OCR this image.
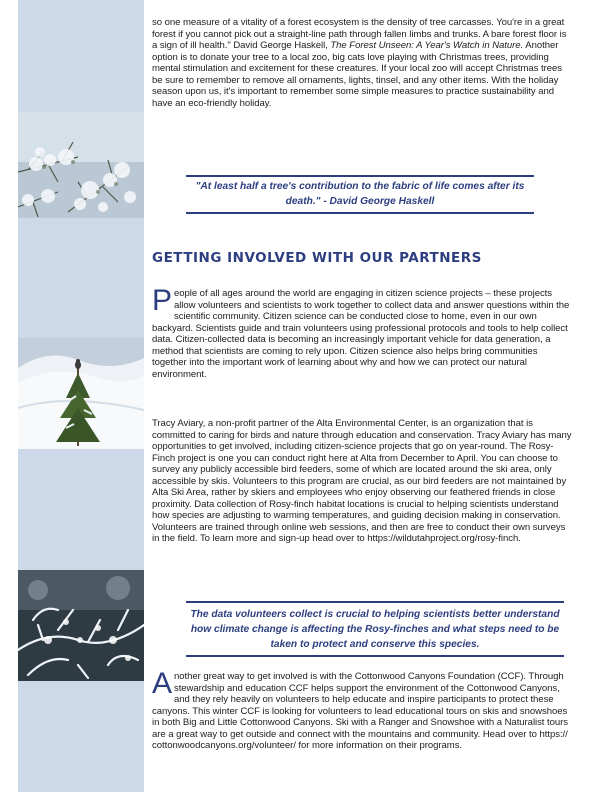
so one measure of a vitality of a forest ecosystem is the density of tree carcasses. You're in a great forest if you cannot pick out a straight-line path through fallen limbs and trunks. A bare forest floor is a sign of ill health." David George Haskell, The Forest Unseen: A Year's Watch in Nature. Another option is to donate your tree to a local zoo, big cats love playing with Christmas trees, providing mental stimulation and excitement for these creatures. If your local zoo will accept Christmas trees be sure to remember to remove all ornaments, lights, tinsel, and any other items. With the holiday season upon us, it's important to remember some simple measures to practice sustainability and have an eco-friendly holiday.

"At least half a tree's contribution to the fabric of life comes after its death." - David George Haskell

GETTING INVOLVED WITH OUR PARTNERS

People of all ages around the world are engaging in citizen science projects – these projects allow volunteers and scientists to work together to collect data and answer questions within the scientific community. Citizen science can be conducted close to home, even in our own backyard. Scientists guide and train volunteers using professional protocols and tools to help collect data. Citizen-collected data is becoming an increasingly important vehicle for data generation, a method that scientists are coming to rely upon. Citizen science also helps bring communities together into the important work of learning about why and how we can protect our natural environment.

Tracy Aviary, a non-profit partner of the Alta Environmental Center, is an organization that is committed to caring for birds and nature through education and conservation. Tracy Aviary has many opportunities to get involved, including citizen-science projects that go on year-round. The Rosy-Finch project is one you can conduct right here at Alta from December to April. You can choose to survey any publicly accessible bird feeders, some of which are located around the ski area, only accessible by skis. Volunteers to this program are crucial, as our bird feeders are not maintained by Alta Ski Area, rather by skiers and employees who enjoy observing our feathered friends in close proximity. Data collection of Rosy-finch habitat locations is crucial to helping scientists understand how species are adjusting to warming temperatures, and guiding decision making in conservation. Volunteers are trained through online web sessions, and then are free to conduct their own surveys in the field. To learn more and sign-up head over to https://wildutahproject.org/rosy-finch.

The data volunteers collect is crucial to helping scientists better understand how climate change is affecting the Rosy-finches and what steps need to be taken to protect and conserve this species.

Another great way to get involved is with the Cottonwood Canyons Foundation (CCF). Through stewardship and education CCF helps support the environment of the Cottonwood Canyons, and they rely heavily on volunteers to help educate and inspire participants to protect these canyons. This winter CCF is looking for volunteers to lead educational tours on skis and snowshoes in both Big and Little Cottonwood Canyons. Ski with a Ranger and Snowshoe with a Naturalist tours are a great way to get outside and connect with the mountains and community. Head over to https:// cottonwoodcanyons.org/volunteer/ for more information on their programs.
